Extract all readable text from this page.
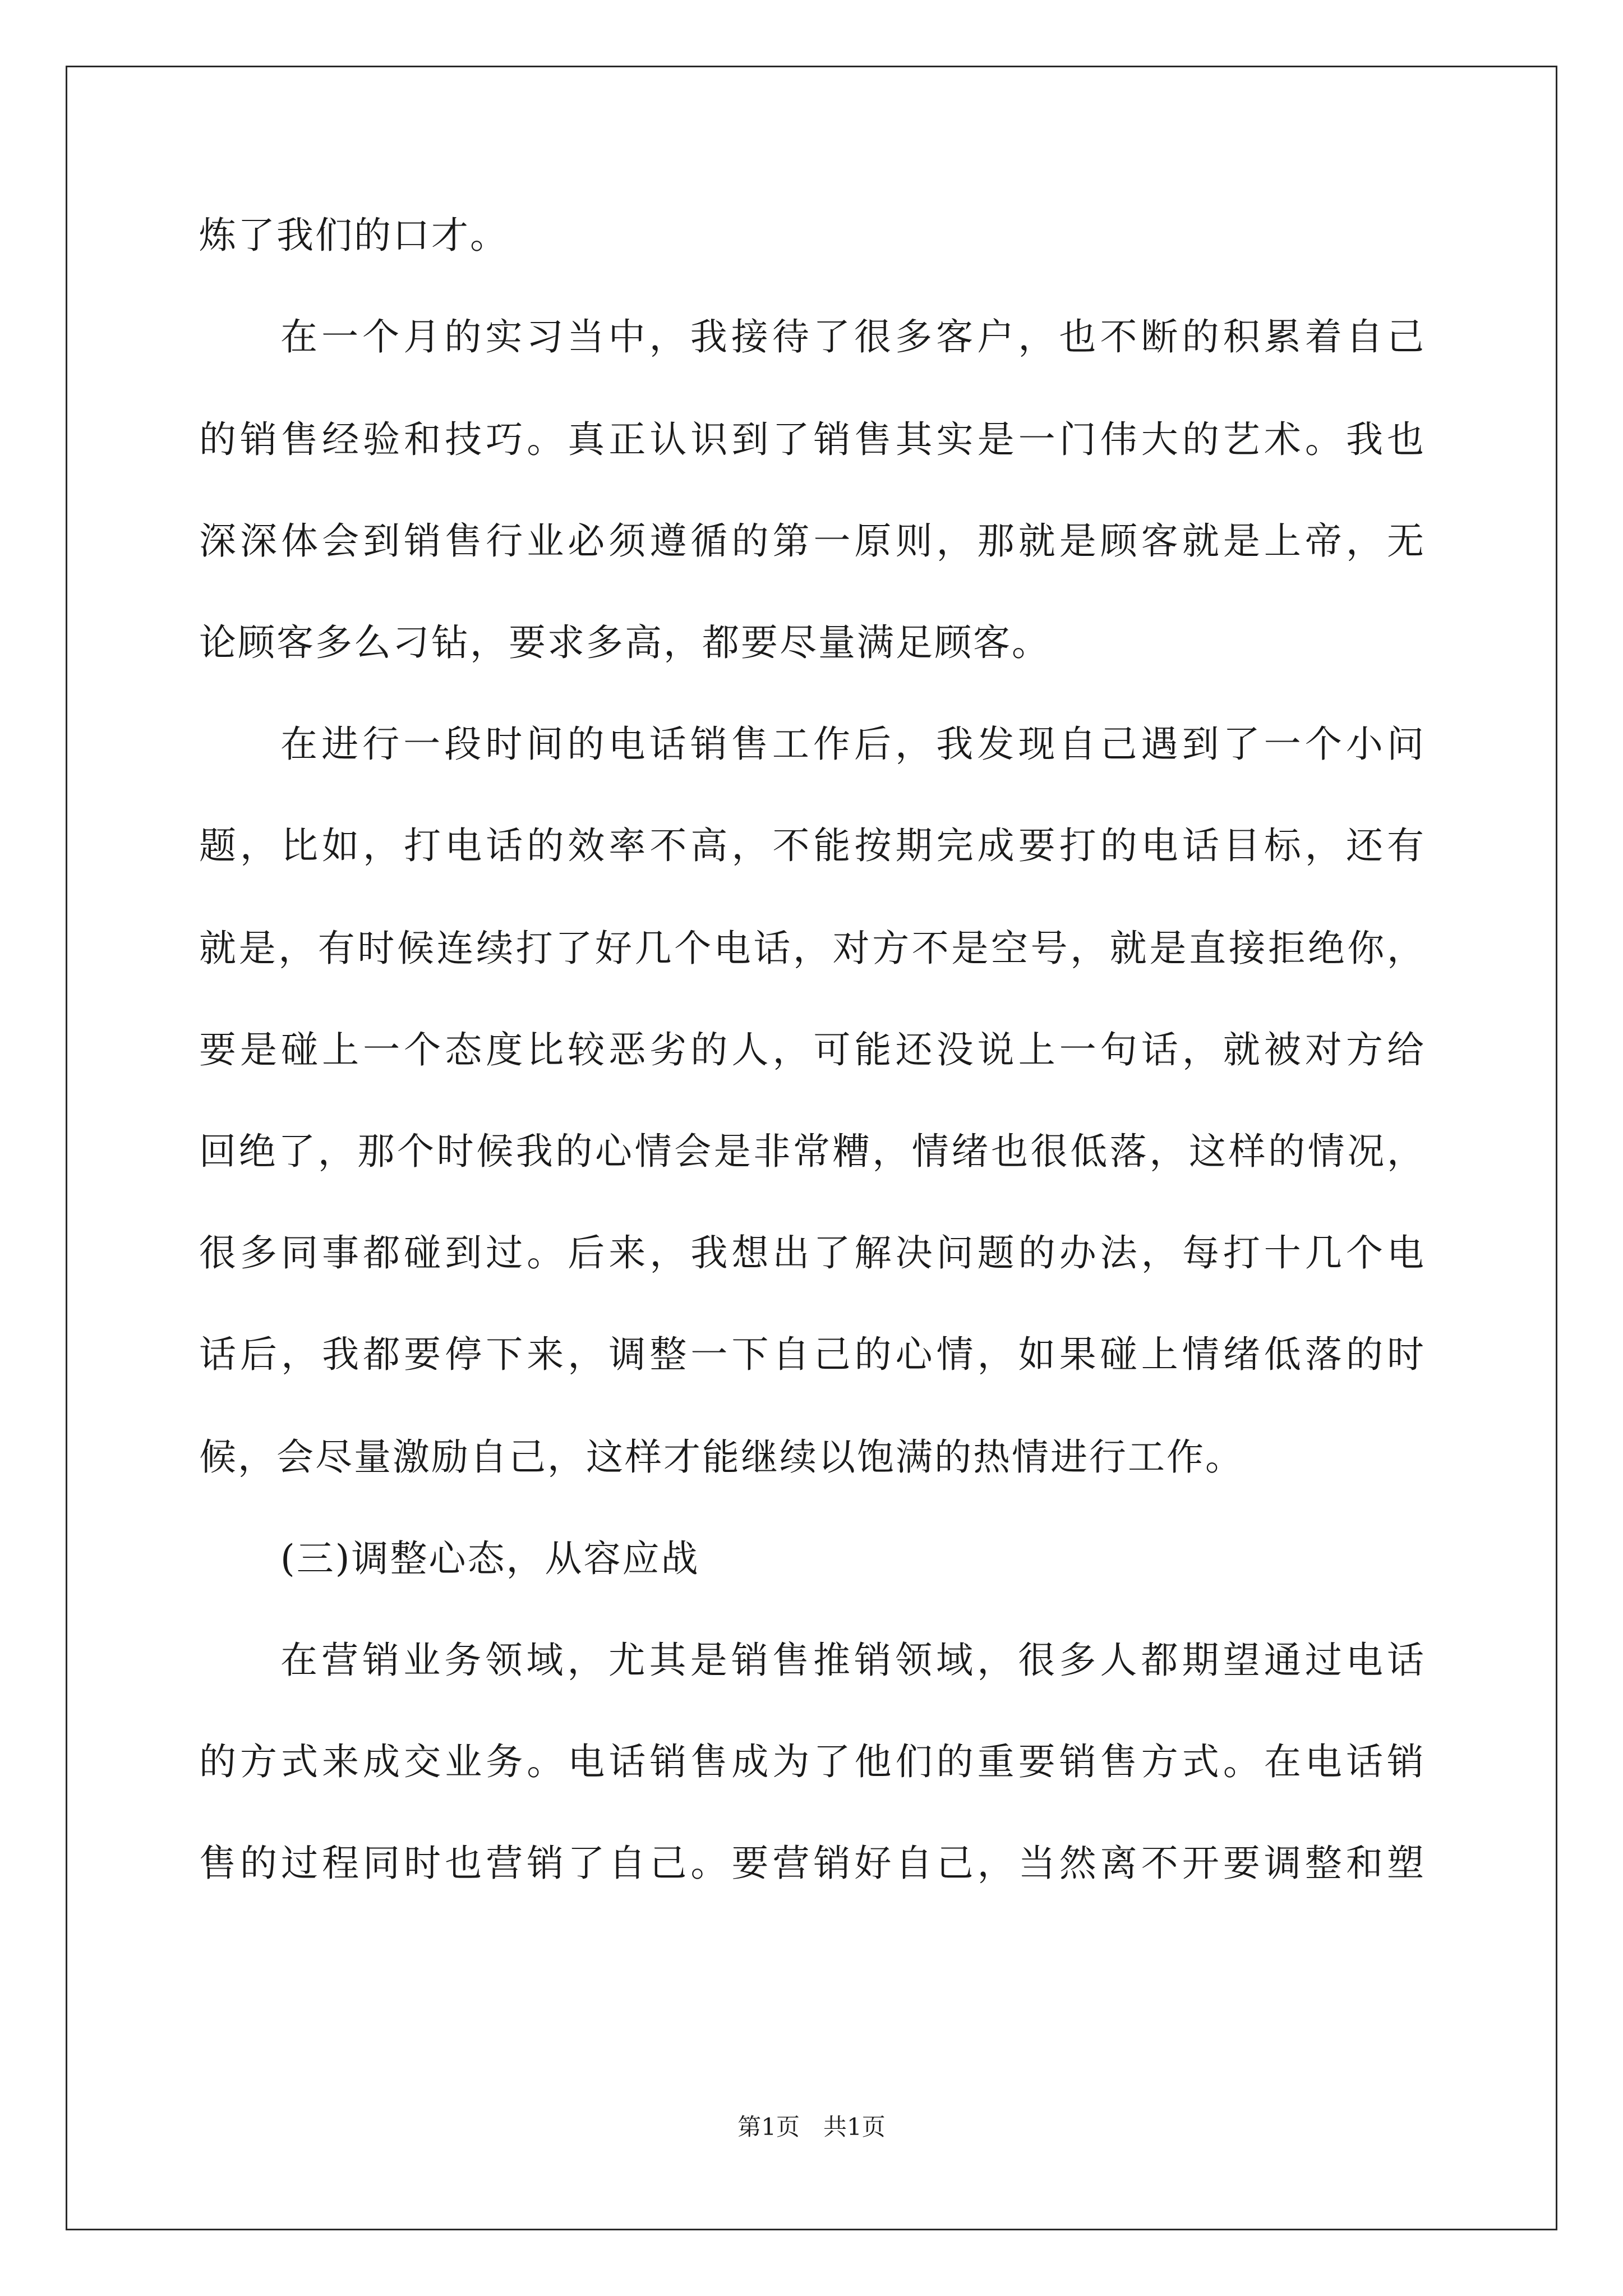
炼了我们的口才。
在一个月的实习当中，我接待了很多客户，也不断的积累着自己
的销售经验和技巧。真正认识到了销售其实是一门伟大的艺术。我也
深深体会到销售行业必须遵循的第一原则，那就是顾客就是上帝，无
论顾客多么刁钻，要求多高，都要尽量满足顾客。
在进行一段时间的电话销售工作后，我发现自己遇到了一个小问
题，比如，打电话的效率不高，不能按期完成要打的电话目标，还有
就是，有时候连续打了好几个电话，对方不是空号，就是直接拒绝你，
要是碰上一个态度比较恶劣的人，可能还没说上一句话，就被对方给
回绝了，那个时候我的心情会是非常糟，情绪也很低落，这样的情况，
很多同事都碰到过。后来，我想出了解决问题的办法，每打十几个电
话后，我都要停下来，调整一下自己的心情，如果碰上情绪低落的时
候，会尽量激励自己，这样才能继续以饱满的热情进行工作。
(三)调整心态，从容应战
在营销业务领域，尤其是销售推销领域，很多人都期望通过电话
的方式来成交业务。电话销售成为了他们的重要销售方式。在电话销
售的过程同时也营销了自己。要营销好自己，当然离不开要调整和塑
第1页　共1页
